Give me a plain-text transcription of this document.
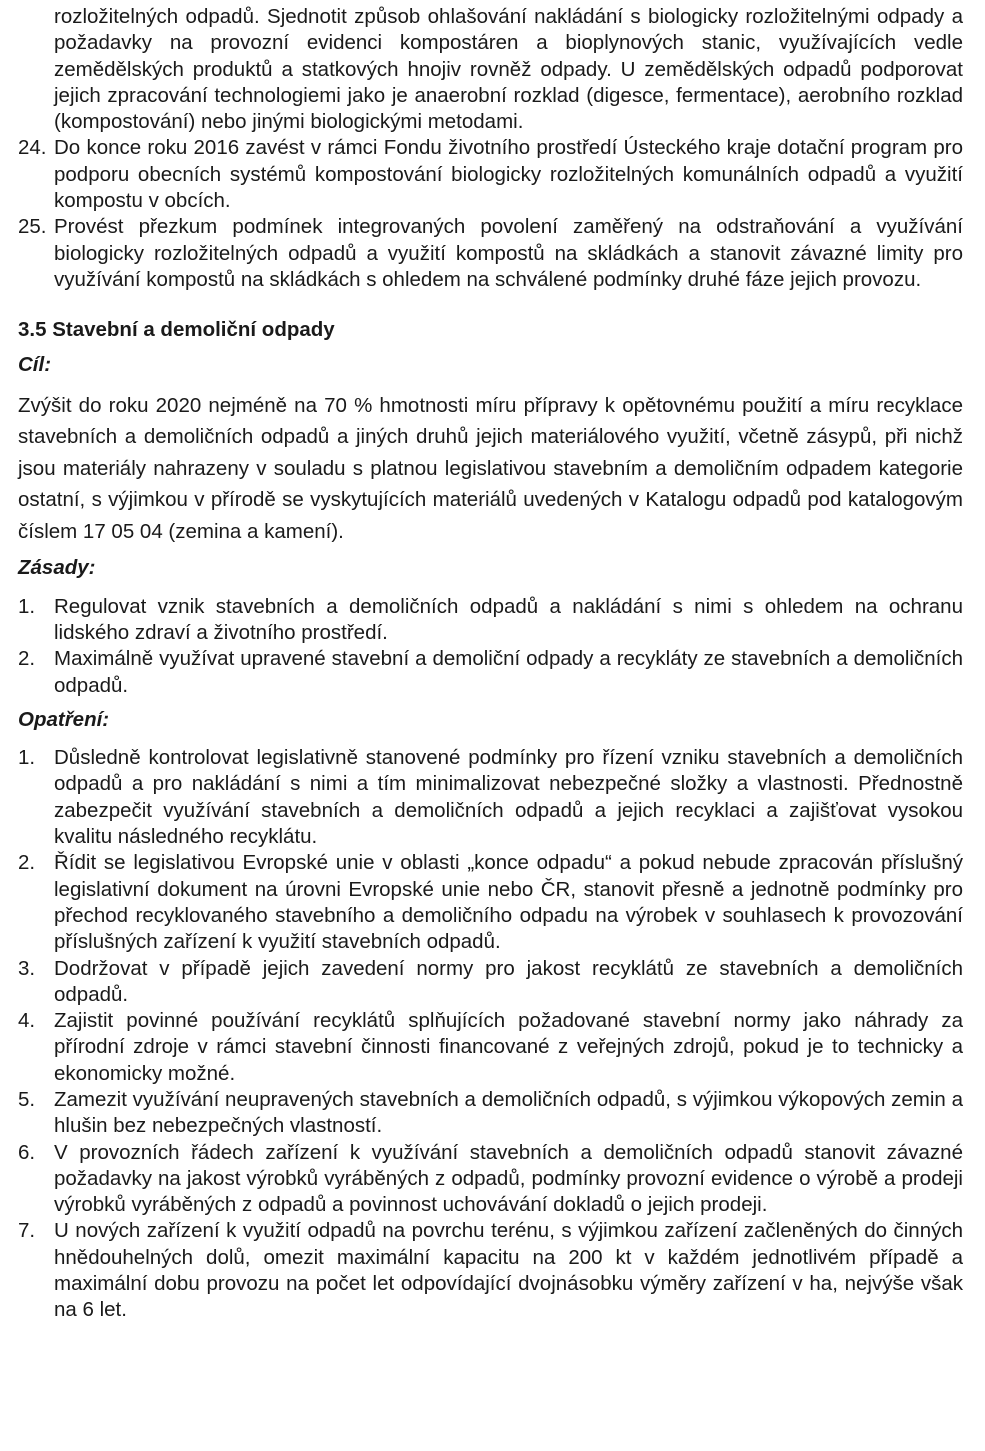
rozložitelných odpadů. Sjednotit způsob ohlašování nakládání s biologicky rozložitelnými odpady a požadavky na provozní evidenci kompostáren a bioplynových stanic, využívajících vedle zemědělských produktů a statkových hnojiv rovněž odpady. U zemědělských odpadů podporovat jejich zpracování technologiemi jako je anaerobní rozklad (digesce, fermentace), aerobního rozklad (kompostování) nebo jinými biologickými metodami.
24. Do konce roku 2016 zavést v rámci Fondu životního prostředí Ústeckého kraje dotační program pro podporu obecních systémů kompostování biologicky rozložitelných komunálních odpadů a využití kompostu v obcích.
25. Provést přezkum podmínek integrovaných povolení zaměřený na odstraňování a využívání biologicky rozložitelných odpadů a využití kompostů na skládkách a stanovit závazné limity pro využívání kompostů na skládkách s ohledem na schválené podmínky druhé fáze jejich provozu.
3.5 Stavební a demoliční odpady
Cíl:
Zvýšit do roku 2020 nejméně na 70 % hmotnosti míru přípravy k opětovnému použití a míru recyklace stavebních a demoličních odpadů a jiných druhů jejich materiálového využití, včetně zásypů, při nichž jsou materiály nahrazeny v souladu s platnou legislativou stavebním a demoličním odpadem kategorie ostatní, s výjimkou v přírodě se vyskytujících materiálů uvedených v Katalogu odpadů pod katalogovým číslem 17 05 04 (zemina a kamení).
Zásady:
1. Regulovat vznik stavebních a demoličních odpadů a nakládání s nimi s ohledem na ochranu lidského zdraví a životního prostředí.
2. Maximálně využívat upravené stavební a demoliční odpady a recykláty ze stavebních a demoličních odpadů.
Opatření:
1. Důsledně kontrolovat legislativně stanovené podmínky pro řízení vzniku stavebních a demoličních odpadů a pro nakládání s nimi a tím minimalizovat nebezpečné složky a vlastnosti. Přednostně zabezpečit využívání stavebních a demoličních odpadů a jejich recyklaci a zajišťovat vysokou kvalitu následného recyklátu.
2. Řídit se legislativou Evropské unie v oblasti „konce odpadu“ a pokud nebude zpracován příslušný legislativní dokument na úrovni Evropské unie nebo ČR, stanovit přesně a jednotně podmínky pro přechod recyklovaného stavebního a demoličního odpadu na výrobek v souhlasech k provozování příslušných zařízení k využití stavebních odpadů.
3. Dodržovat v případě jejich zavedení normy pro jakost recyklátů ze stavebních a demoličních odpadů.
4. Zajistit povinné používání recyklátů splňujících požadované stavební normy jako náhrady za přírodní zdroje v rámci stavební činnosti financované z veřejných zdrojů, pokud je to technicky a ekonomicky možné.
5. Zamezit využívání neupravených stavebních a demoličních odpadů, s výjimkou výkopových zemin a hlušin bez nebezpečných vlastností.
6. V provozních řádech zařízení k využívání stavebních a demoličních odpadů stanovit závazné požadavky na jakost výrobků vyráběných z odpadů, podmínky provozní evidence o výrobě a prodeji výrobků vyráběných z odpadů a povinnost uchovávání dokladů o jejich prodeji.
7. U nových zařízení k využití odpadů na povrchu terénu, s výjimkou zařízení začleněných do činných hnědouhelných dolů, omezit maximální kapacitu na 200 kt v každém jednotlivém případě a maximální dobu provozu na počet let odpovídající dvojnásobku výměry zařízení v ha, nejvýše však na 6 let.
